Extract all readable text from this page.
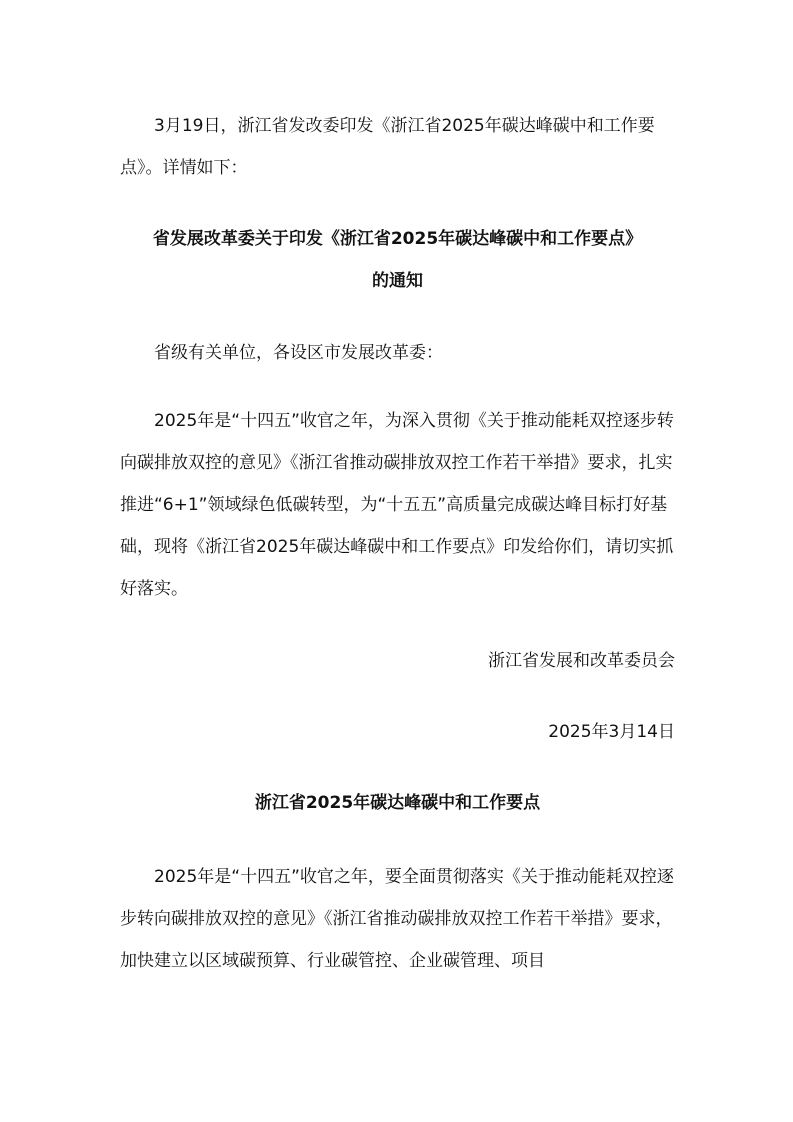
3月19日，浙江省发改委印发《浙江省2025年碳达峰碳中和工作要点》。详情如下：

省发展改革委关于印发《浙江省2025年碳达峰碳中和工作要点》

的通知

省级有关单位，各设区市发展改革委：

2025年是“十四五”收官之年，为深入贯彻《关于推动能耗双控逐步转向碳排放双控的意见》《浙江省推动碳排放双控工作若干举措》要求，扎实推进“6+1”领域绿色低碳转型，为“十五五”高质量完成碳达峰目标打好基础，现将《浙江省2025年碳达峰碳中和工作要点》印发给你们，请切实抓好落实。

浙江省发展和改革委员会

2025年3月14日

浙江省2025年碳达峰碳中和工作要点

2025年是“十四五”收官之年，要全面贯彻落实《关于推动能耗双控逐步转向碳排放双控的意见》《浙江省推动碳排放双控工作若干举措》要求，加快建立以区域碳预算、行业碳管控、企业碳管理、项目
